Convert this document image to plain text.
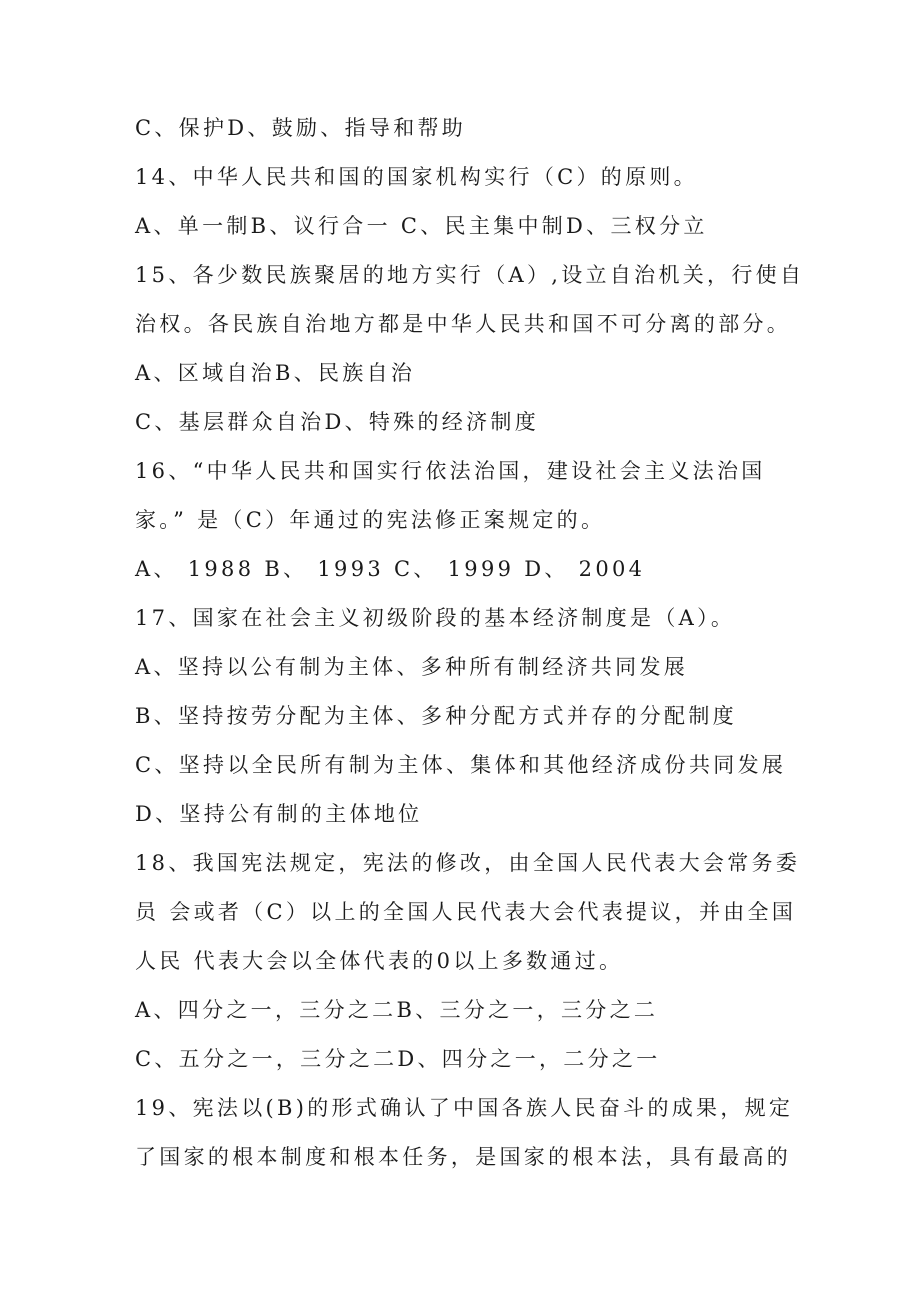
C、保护D、鼓励、指导和帮助

14、中华人民共和国的国家机构实行（C）的原则。

A、单一制B、议行合一 C、民主集中制D、三权分立

15、各少数民族聚居的地方实行（A）,设立自治机关，行使自

治权。各民族自治地方都是中华人民共和国不可分离的部分。

A、区域自治B、民族自治

C、基层群众自治D、特殊的经济制度

16、“中华人民共和国实行依法治国，建设社会主义法治国

家。” 是（C）年通过的宪法修正案规定的。

A、 1988 B、 1993 C、 1999 D、 2004

17、国家在社会主义初级阶段的基本经济制度是（A）。

A、坚持以公有制为主体、多种所有制经济共同发展

B、坚持按劳分配为主体、多种分配方式并存的分配制度

C、坚持以全民所有制为主体、集体和其他经济成份共同发展

D、坚持公有制的主体地位

18、我国宪法规定，宪法的修改，由全国人民代表大会常务委

员 会或者（C）以上的全国人民代表大会代表提议，并由全国

人民 代表大会以全体代表的0以上多数通过。

A、四分之一，三分之二B、三分之一，三分之二

C、五分之一，三分之二D、四分之一，二分之一

19、宪法以(B)的形式确认了中国各族人民奋斗的成果，规定

了国家的根本制度和根本任务，是国家的根本法，具有最高的
